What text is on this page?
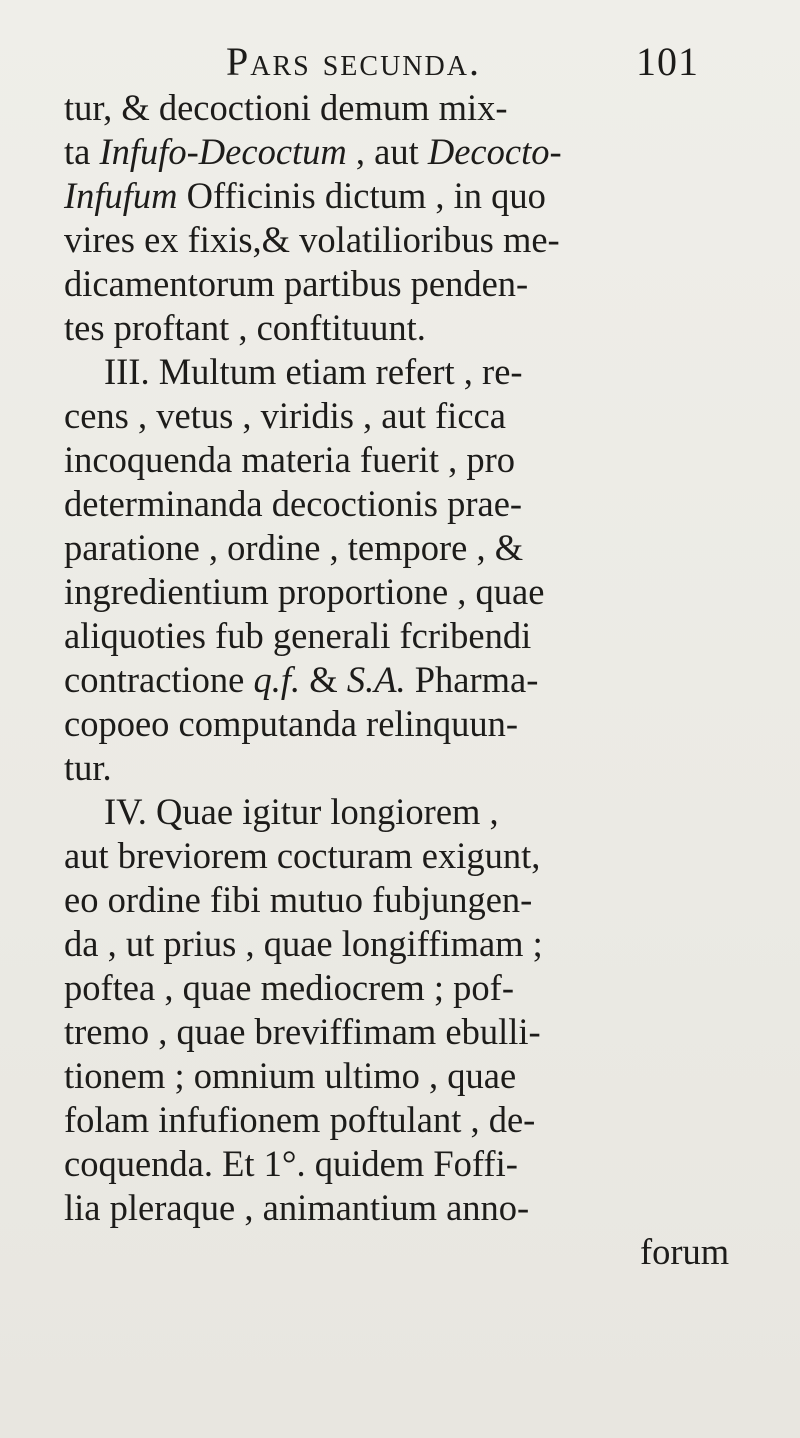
Pars secunda.	101
tur, & decoctioni demum mix-
ta Infufo-Decoctum , aut Decocto-
Infufum Officinis dictum , in quo
vires ex fixis,& volatilioribus me-
dicamentorum partibus penden-
tes proftant , conftituunt.
III. Multum etiam refert , re-
cens , vetus , viridis , aut ficca
incoquenda materia fuerit , pro
determinanda decoctionis prae-
paratione , ordine , tempore , &
ingredientium proportione , quae
aliquoties fub generali fcribendi
contractione q.f. & S.A. Pharma-
copoeo computanda relinquun-
tur.
IV. Quae igitur longiorem ,
aut breviorem cocturam exigunt,
eo ordine fibi mutuo fubjungen-
da , ut prius , quae longiffimam ;
poftea , quae mediocrem ; pof-
tremo , quae breviffimam ebulli-
tionem ; omnium ultimo , quae
folam infufionem poftulant , de-
coquenda. Et 1°. quidem Foffi-
lia pleraque , animantium anno-
forum
